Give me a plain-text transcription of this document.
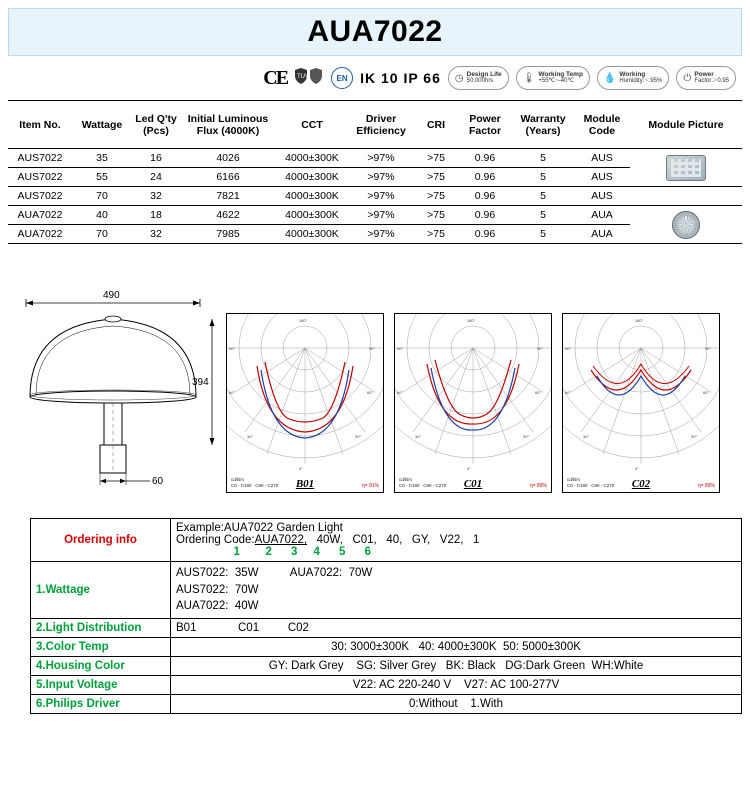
AUA7022
CE TUV	EN IK 10 IP 66 ◷ Design Life
50,000hrs	🌡 Working Temp
+55℃~-40℃	💧 Working
Humidity:＜95% ⏻ Power
Factor＞0.95
Item No.	Wattage	Led Q'ty (Pcs)	Initial Luminous Flux (4000K)	CCT	Driver Efficiency	CRI	Power Factor	Warranty (Years)	Module Code	Module Picture
AUS7022	35	16	4026	4000±300K	>97%	>75	0.96	5	AUS	

AUS7022	55	24	6166	4000±300K	>97%	>75	0.96	5	AUS	
AUS7022	70	32	7821	4000±300K	>97%	>75	0.96	5	AUS	
AUA7022	40	18	4622	4000±300K	>97%	>75	0.96	5	AUA	

AUA7022	70	32	7985	4000±300K	>97%	>75	0.96	5	AUA	
490
394
60
180°
90°	90°
60°	60°
30°	30°
0°
cd/klm
C0 - C180   C90 - C270	η= 91%
B01
180°
90°	90°
60°	60°
30°	30°
0°
cd/klm
C0 - C180   C90 - C270	η= 89%
C01
180°
90°	90°
60°	60°
30°	30°
0°
cd/klm
C0 - C180   C90 - C270	η= 89%
C02
Ordering info	Example:AUA7022 Garden Light
Ordering Code:AUA7022,   40W,   C01,   40,   GY,   V22,   1
1        2      3     4      5      6

1.Wattage	AUS7022:  35W          AUA7022:  70W
AUS7022:  70W
AUA7022:  40W

2.Light Distribution	B01             C01         C02
3.Color Temp	30: 3000±300K   40: 4000±300K  50: 5000±300K
4.Housing Color	GY: Dark Grey    SG: Silver Grey   BK: Black   DG:Dark Green  WH:White
5.Input Voltage	V22: AC 220-240 V    V27: AC 100-277V
6.Philips Driver	0:Without    1.With
